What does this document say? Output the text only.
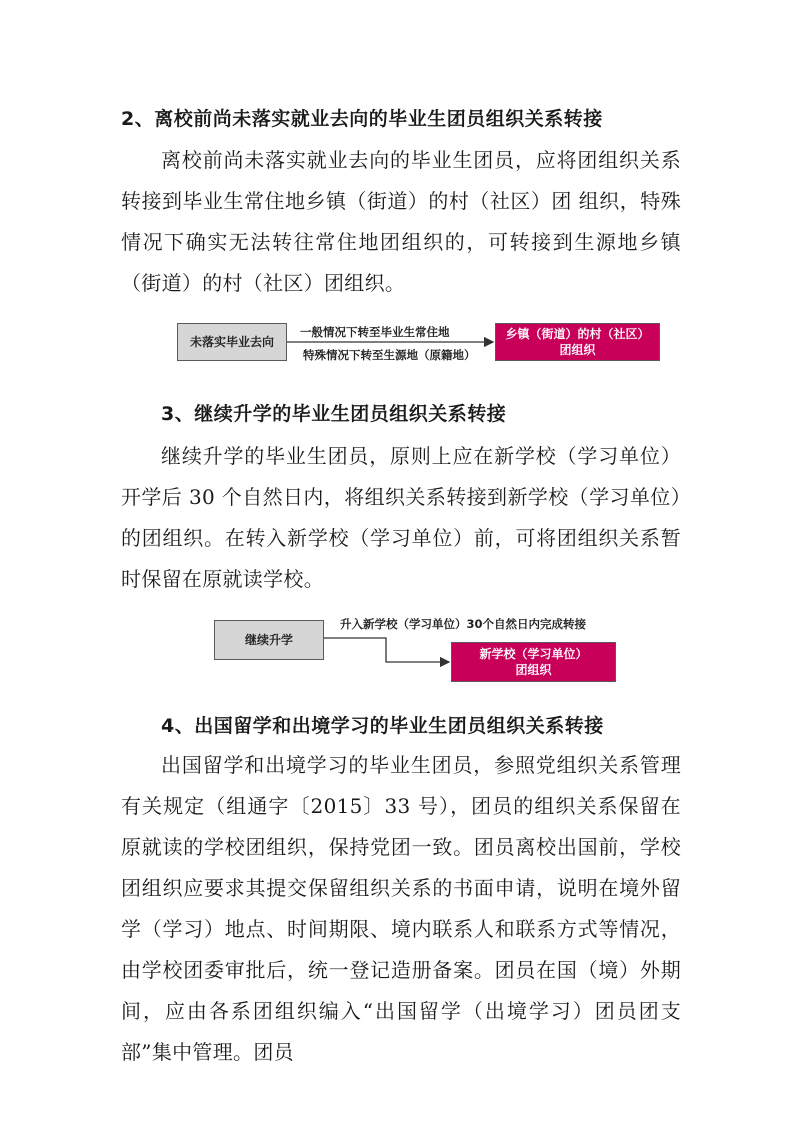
2、离校前尚未落实就业去向的毕业生团员组织关系转接
离校前尚未落实就业去向的毕业生团员，应将团组织关系转接到毕业生常住地乡镇（街道）的村（社区）团 组织，特殊情况下确实无法转往常住地团组织的，可转接到生源地乡镇（街道）的村（社区）团组织。
未落实毕业去向
一般情况下转至毕业生常住地
特殊情况下转至生源地（原籍地）
乡镇（街道）的村（社区）
团组织
3、继续升学的毕业生团员组织关系转接
继续升学的毕业生团员，原则上应在新学校（学习单位）开学后 30 个自然日内，将组织关系转接到新学校（学习单位）的团组织。在转入新学校（学习单位）前，可将团组织关系暂时保留在原就读学校。
继续升学
升入新学校（学习单位）30个自然日内完成转接
新学校（学习单位）
团组织
4、出国留学和出境学习的毕业生团员组织关系转接
出国留学和出境学习的毕业生团员，参照党组织关系管理有关规定（组通字〔2015〕33 号），团员的组织关系保留在原就读的学校团组织，保持党团一致。团员离校出国前，学校团组织应要求其提交保留组织关系的书面申请，说明在境外留学（学习）地点、时间期限、境内联系人和联系方式等情况，由学校团委审批后，统一登记造册备案。团员在国（境）外期间，应由各系团组织编入“出国留学（出境学习）团员团支部”集中管理。团员
